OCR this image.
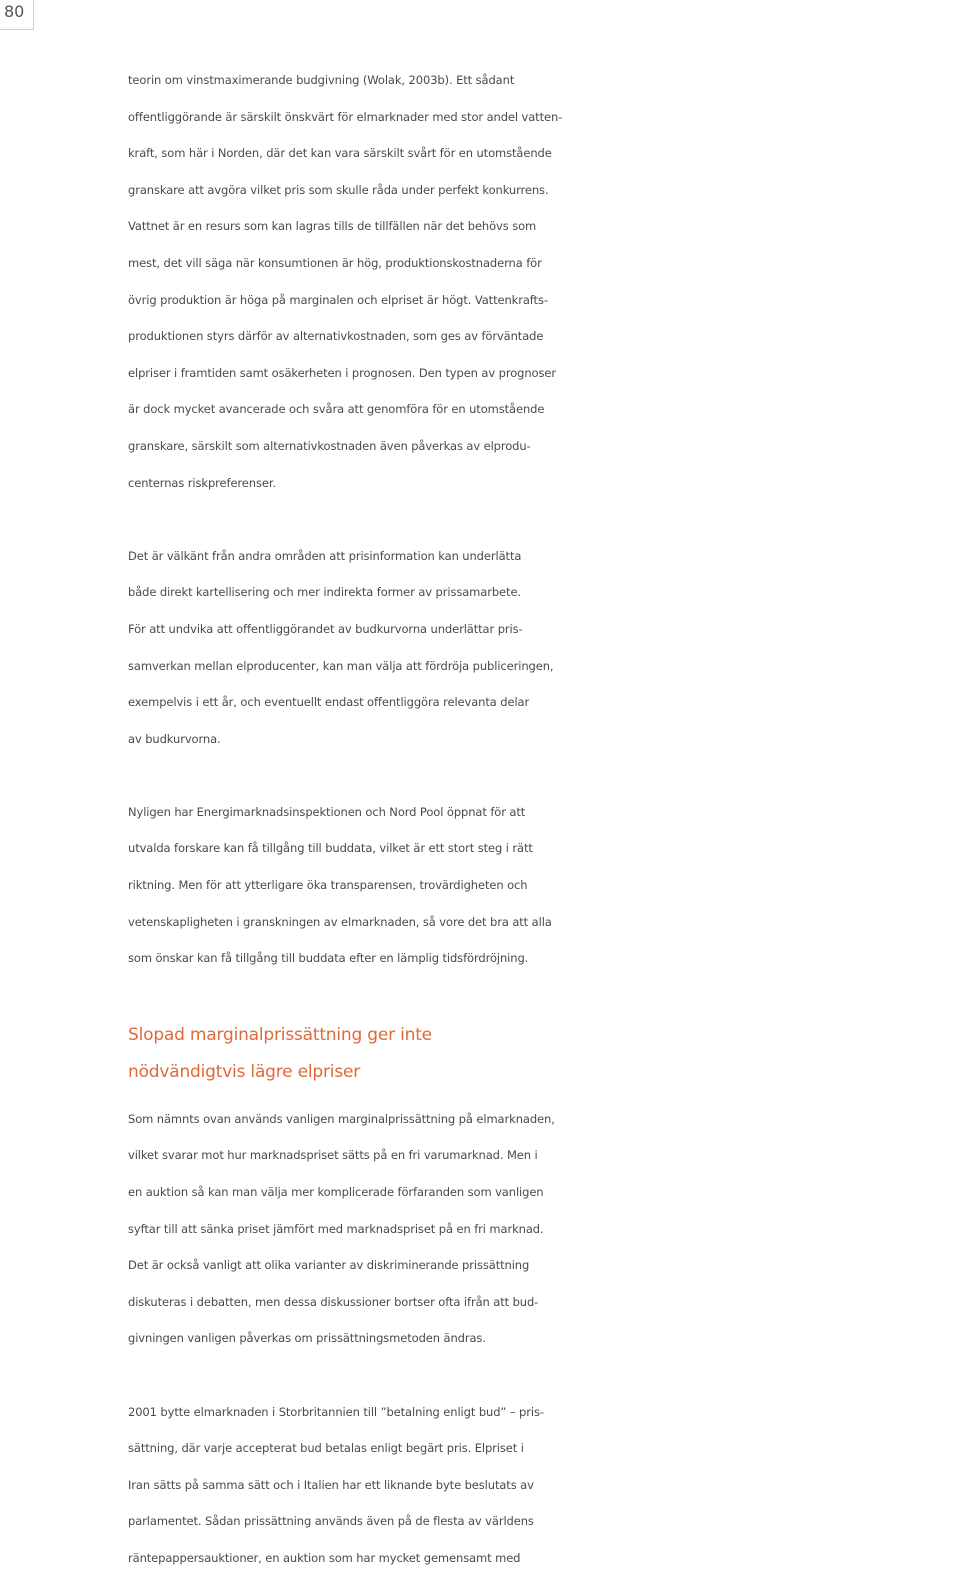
80
teorin om vinstmaximerande budgivning (Wolak, 2003b). Ett sådant
offentliggörande är särskilt önskvärt för elmarknader med stor andel vatten-
kraft, som här i Norden, där det kan vara särskilt svårt för en utomstående
granskare att avgöra vilket pris som skulle råda under perfekt konkurrens.
Vattnet är en resurs som kan lagras tills de tillfällen när det behövs som
mest, det vill säga när konsumtionen är hög, produktionskostnaderna för
övrig produktion är höga på marginalen och elpriset är högt. Vattenkrafts-
produktionen styrs därför av alternativkostnaden, som ges av förväntade
elpriser i framtiden samt osäkerheten i prognosen. Den typen av prognoser
är dock mycket avancerade och svåra att genomföra för en utomstående
granskare, särskilt som alternativkostnaden även påverkas av elprodu-
centernas riskpreferenser.
Det är välkänt från andra områden att prisinformation kan underlätta
både direkt kartellisering och mer indirekta former av prissamarbete.
För att undvika att offentliggörandet av budkurvorna underlättar pris-
samverkan mellan elproducenter, kan man välja att fördröja publiceringen,
exempelvis i ett år, och eventuellt endast offentliggöra relevanta delar
av budkurvorna.
Nyligen har Energimarknadsinspektionen och Nord Pool öppnat för att
utvalda forskare kan få tillgång till buddata, vilket är ett stort steg i rätt
riktning. Men för att ytterligare öka transparensen, trovärdigheten och
vetenskapligheten i granskningen av elmarknaden, så vore det bra att alla
som önskar kan få tillgång till buddata efter en lämplig tidsfördröjning.
Slopad marginalprissättning ger inte
nödvändigtvis lägre elpriser
Som nämnts ovan används vanligen marginalprissättning på elmarknaden,
vilket svarar mot hur marknadspriset sätts på en fri varumarknad. Men i
en auktion så kan man välja mer komplicerade förfaranden som vanligen
syftar till att sänka priset jämfört med marknadspriset på en fri marknad.
Det är också vanligt att olika varianter av diskriminerande prissättning
diskuteras i debatten, men dessa diskussioner bortser ofta ifrån att bud-
givningen vanligen påverkas om prissättningsmetoden ändras.
2001 bytte elmarknaden i Storbritannien till ”betalning enligt bud” – pris-
sättning, där varje accepterat bud betalas enligt begärt pris. Elpriset i
Iran sätts på samma sätt och i Italien har ett liknande byte beslutats av
parlamentet. Sådan prissättning används även på de flesta av världens
räntepappersauktioner, en auktion som har mycket gemensamt med
